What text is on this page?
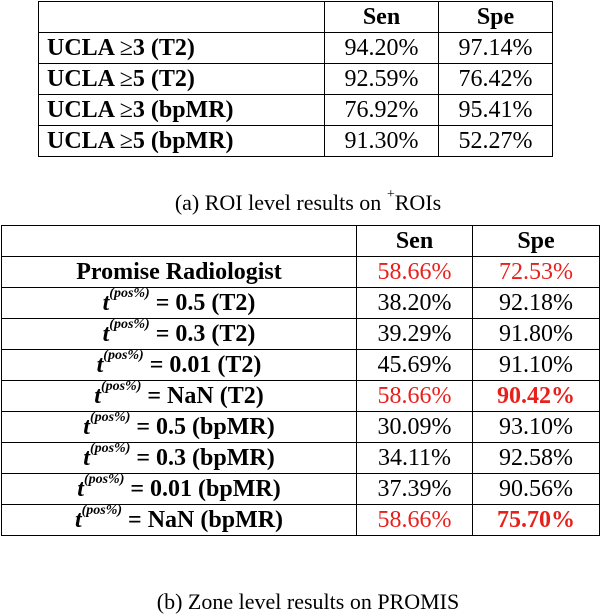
	Sen	Spe
UCLA ≥3 (T2)	94.20%	97.14%
UCLA ≥5 (T2)	92.59%	76.42%
UCLA ≥3 (bpMR)	76.92%	95.41%
UCLA ≥5 (bpMR)	91.30%	52.27%
(a) ROI level results on +ROIs
	Sen	Spe
Promise Radiologist	58.66%	72.53%
$t^{(pos\%)} = 0.5$ (T2)	38.20%	92.18%
$t^{(pos\%)} = 0.3$ (T2)	39.29%	91.80%
$t^{(pos\%)} = 0.01$ (T2)	45.69%	91.10%
$t^{(pos\%)}$ = NaN (T2)	58.66%	90.42%
$t^{(pos\%)} = 0.5$ (bpMR)	30.09%	93.10%
$t^{(pos\%)} = 0.3$ (bpMR)	34.11%	92.58%
$t^{(pos\%)} = 0.01$ (bpMR)	37.39%	90.56%
$t^{(pos\%)}$ = NaN (bpMR)	58.66%	75.70%
(b) Zone level results on PROMIS
